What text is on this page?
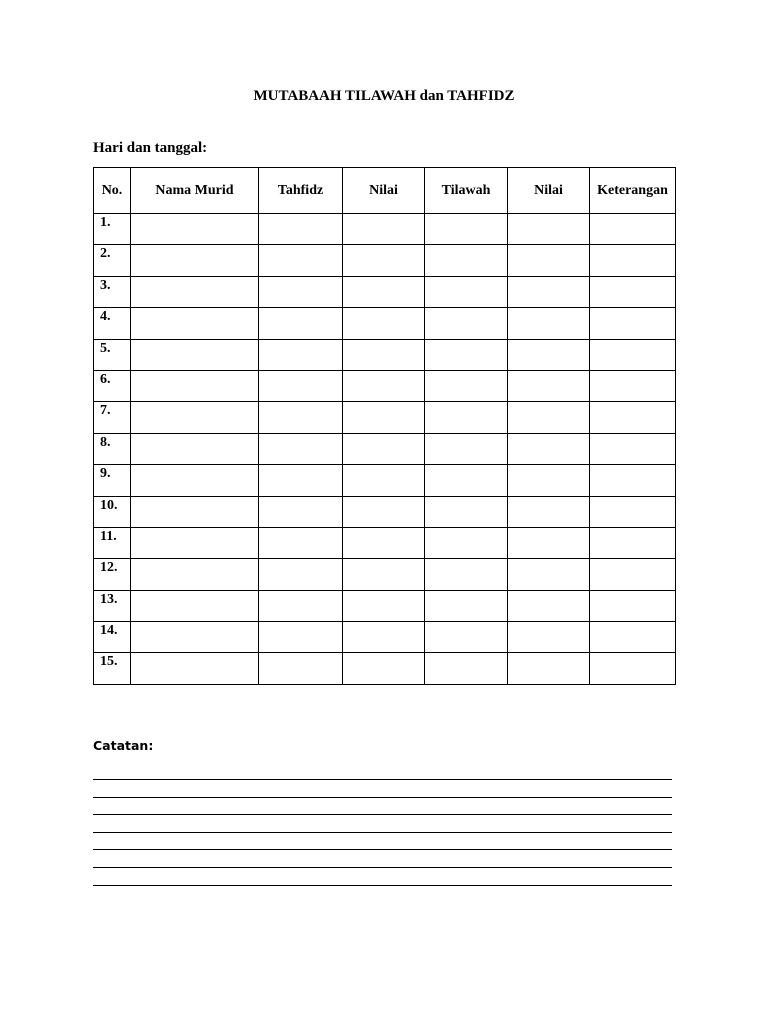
MUTABAAH TILAWAH dan TAHFIDZ
Hari dan tanggal:
No.	Nama Murid	Tahfidz	Nilai	Tilawah	Nilai	Keterangan
1.						
2.						
3.						
4.						
5.						
6.						
7.						
8.						
9.						
10.						
11.						
12.						
13.						
14.						
15.						
Catatan:
